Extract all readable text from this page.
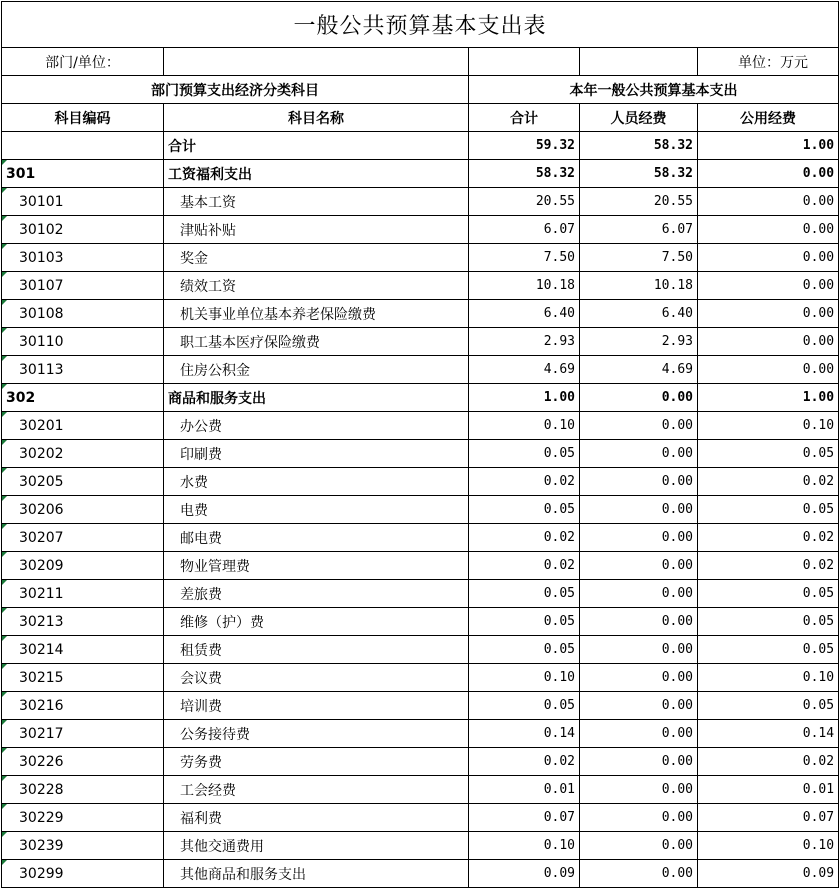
一般公共预算基本支出表				
部门/单位：				单位：万元
部门预算支出经济分类科目		本年一般公共预算基本支出		
科目编码	科目名称	合计	人员经费	公用经费
	合计	59.32	58.32	1.00

301	工资福利支出	58.32	58.32	0.00

30101	基本工资	20.55	20.55	0.00

30102	津贴补贴	6.07	6.07	0.00

30103	奖金	7.50	7.50	0.00

30107	绩效工资	10.18	10.18	0.00

30108	机关事业单位基本养老保险缴费	6.40	6.40	0.00

30110	职工基本医疗保险缴费	2.93	2.93	0.00

30113	住房公积金	4.69	4.69	0.00

302	商品和服务支出	1.00	0.00	1.00

30201	办公费	0.10	0.00	0.10

30202	印刷费	0.05	0.00	0.05

30205	水费	0.02	0.00	0.02

30206	电费	0.05	0.00	0.05

30207	邮电费	0.02	0.00	0.02

30209	物业管理费	0.02	0.00	0.02

30211	差旅费	0.05	0.00	0.05

30213	维修（护）费	0.05	0.00	0.05

30214	租赁费	0.05	0.00	0.05

30215	会议费	0.10	0.00	0.10

30216	培训费	0.05	0.00	0.05

30217	公务接待费	0.14	0.00	0.14

30226	劳务费	0.02	0.00	0.02

30228	工会经费	0.01	0.00	0.01

30229	福利费	0.07	0.00	0.07

30239	其他交通费用	0.10	0.00	0.10

30299	其他商品和服务支出	0.09	0.00	0.09
